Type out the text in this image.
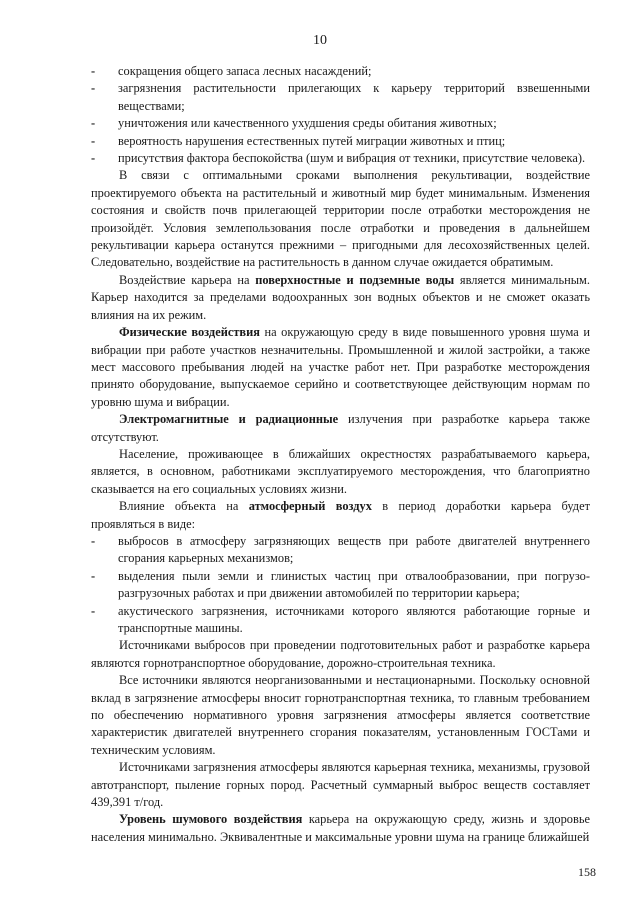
10
-
сокращения общего запаса лесных насаждений;
-
загрязнения растительности прилегающих к карьеру территорий взвешенными веществами;
-
уничтожения или качественного ухудшения среды обитания животных;
-
вероятность нарушения естественных путей миграции животных и птиц;
-
присутствия фактора беспокойства (шум и вибрация от техники, присутствие человека).

В связи с оптимальными сроками выполнения рекультивации, воздействие проектируемого объекта на растительный и животный мир будет минимальным. Изменения состояния и свойств почв прилегающей территории после отработки месторождения не произойдёт. Условия землепользования после отработки и проведения в дальнейшем рекультивации карьера останутся прежними – пригодными для лесохозяйственных целей. Следовательно, воздействие на растительность в данном случае ожидается обратимым.

Воздействие карьера на поверхностные и подземные воды является минимальным. Карьер находится за пределами водоохранных зон водных объектов и не сможет оказать влияния на их режим.

Физические воздействия на окружающую среду в виде повышенного уровня шума и вибрации при работе участков незначительны. Промышленной и жилой застройки, а также мест массового пребывания людей на участке работ нет. При разработке месторождения принято оборудование, выпускаемое серийно и соответствующее действующим нормам по уровню шума и вибрации.

Электромагнитные и радиационные излучения при разработке карьера также отсутствуют.

Население, проживающее в ближайших окрестностях разрабатываемого карьера, является, в основном, работниками эксплуатируемого месторождения, что благоприятно сказывается на его социальных условиях жизни.

Влияние объекта на атмосферный воздух в период доработки карьера будет проявляться в виде:

-
выбросов в атмосферу загрязняющих веществ при работе двигателей внутреннего сгорания карьерных механизмов;
-
выделения пыли земли и глинистых частиц при отвалообразовании, при погрузо-разгрузочных работах и при движении автомобилей по территории карьера;
-
акустического загрязнения, источниками которого являются работающие горные и транспортные машины.

Источниками выбросов при проведении подготовительных работ и разработке карьера являются горнотранспортное оборудование, дорожно-строительная техника.

Все источники являются неорганизованными и нестационарными. Поскольку основной вклад в загрязнение атмосферы вносит горнотранспортная техника, то главным требованием по обеспечению нормативного уровня загрязнения атмосферы является соответствие характеристик двигателей внутреннего сгорания показателям, установленным ГОСТами и техническим условиям.

Источниками загрязнения атмосферы являются карьерная техника, механизмы, грузовой автотранспорт, пыление горных пород. Расчетный суммарный выброс веществ составляет 439,391 т/год.

Уровень шумового воздействия карьера на окружающую среду, жизнь и здоровье населения минимально. Эквивалентные и максимальные уровни шума на границе ближайшей

158
